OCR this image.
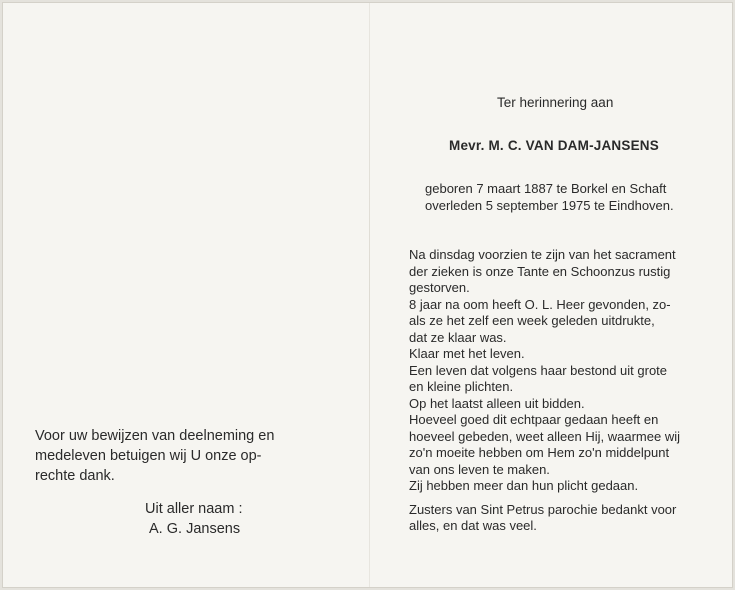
Voor uw bewijzen van deelneming en

medeleven betuigen wij U onze op-

rechte dank.

Uit aller naam :

A. G. Jansens

Ter herinnering aan
Mevr. M. C. VAN DAM-JANSENS
geboren 7 maart 1887 te Borkel en Schaft
overleden 5 september 1975 te Eindhoven.

Na dinsdag voorzien te zijn van het sacrament

der zieken is onze Tante en Schoonzus rustig

gestorven.

8 jaar na oom heeft O. L. Heer gevonden, zo-

als ze het zelf een week geleden uitdrukte,

dat ze klaar was.

Klaar met het leven.

Een leven dat volgens haar bestond uit grote

en kleine plichten.

Op het laatst alleen uit bidden.

Hoeveel goed dit echtpaar gedaan heeft en

hoeveel gebeden, weet alleen Hij, waarmee wij

zo'n moeite hebben om Hem zo'n middelpunt

van ons leven te maken.

Zij hebben meer dan hun plicht gedaan.

Zusters van Sint Petrus parochie bedankt voor

alles, en dat was veel.
